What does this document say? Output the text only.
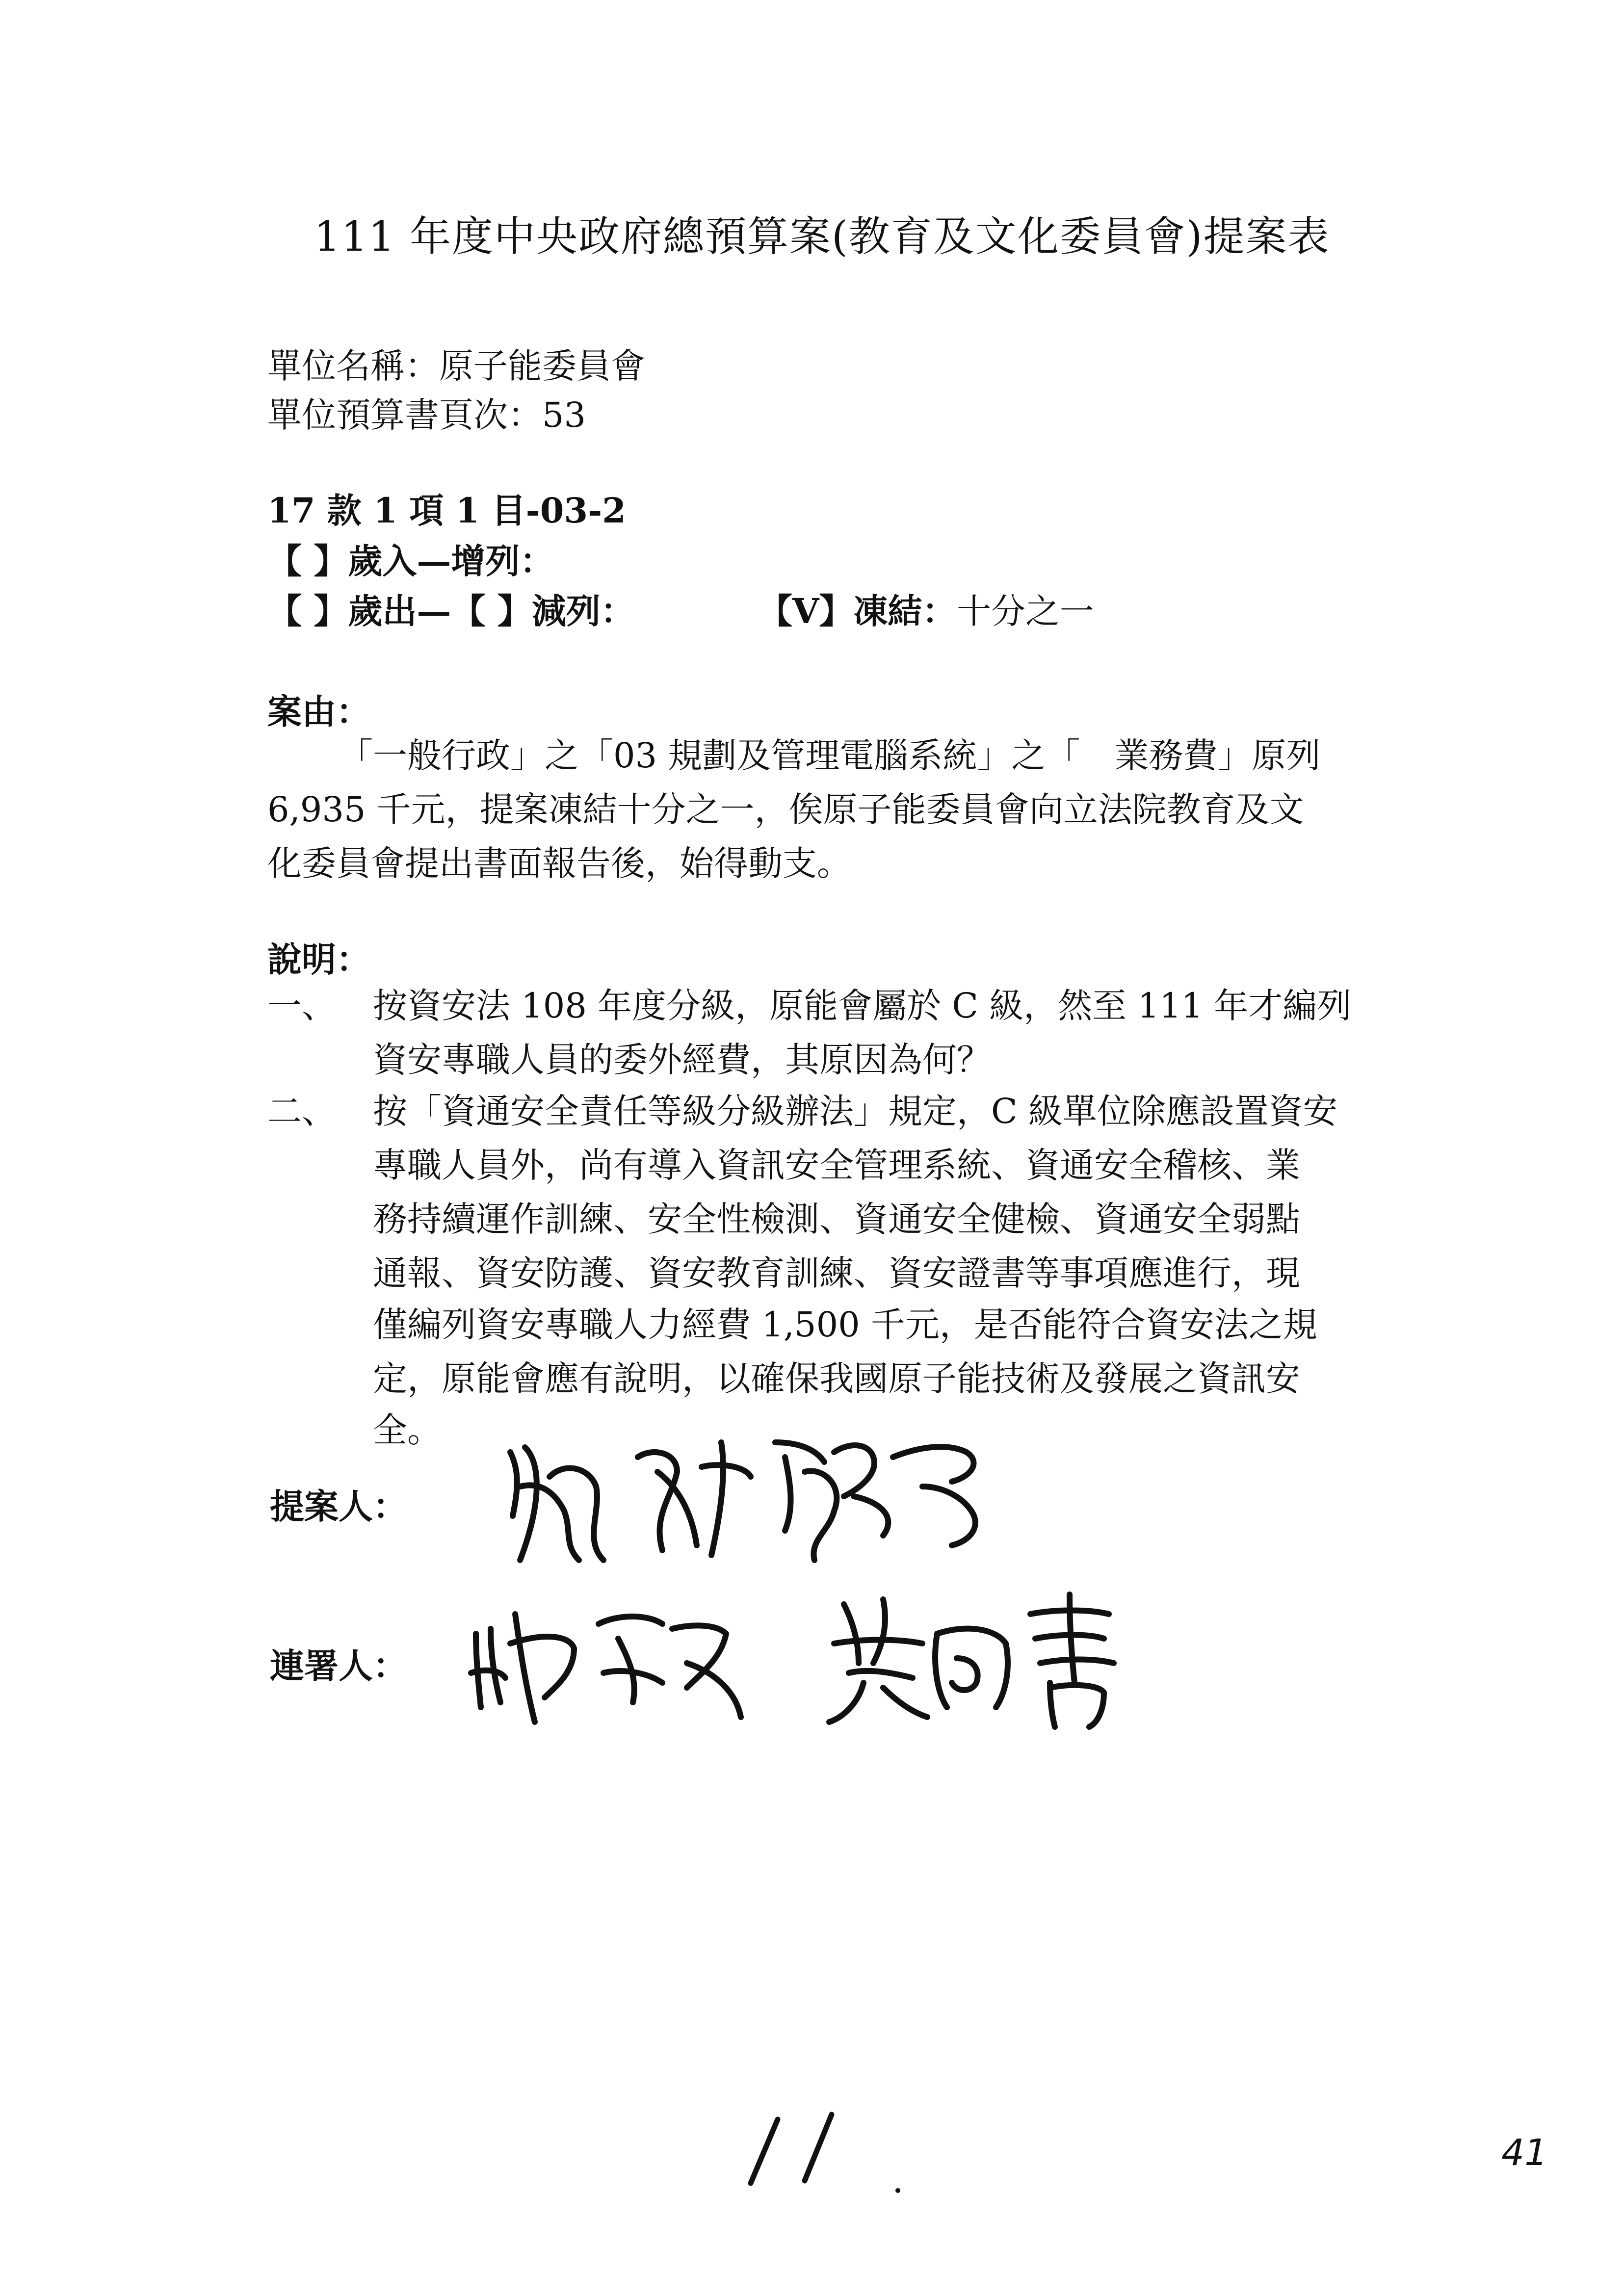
111 年度中央政府總預算案(教育及文化委員會)提案表
單位名稱：原子能委員會
單位預算書頁次：53
17 款 1 項 1 目-03-2
【 】歲入—增列：
【 】歲出—【 】減列：	【V】凍結： 十分之一
案由：
「一般行政」之「03 規劃及管理電腦系統」之「　業務費」原列
6,935 千元，提案凍結十分之一，俟原子能委員會向立法院教育及文
化委員會提出書面報告後，始得動支。
說明：
一、 按資安法 108 年度分級，原能會屬於 C 級，然至 111 年才編列
資安專職人員的委外經費，其原因為何？
二、 按「資通安全責任等級分級辦法」規定，C 級單位除應設置資安
專職人員外，尚有導入資訊安全管理系統、資通安全稽核、業
務持續運作訓練、安全性檢測、資通安全健檢、資通安全弱點
通報、資安防護、資安教育訓練、資安證書等事項應進行，現
僅編列資安專職人力經費 1,500 千元，是否能符合資安法之規
定，原能會應有說明，以確保我國原子能技術及發展之資訊安
全。
提案人：
連署人：
41
